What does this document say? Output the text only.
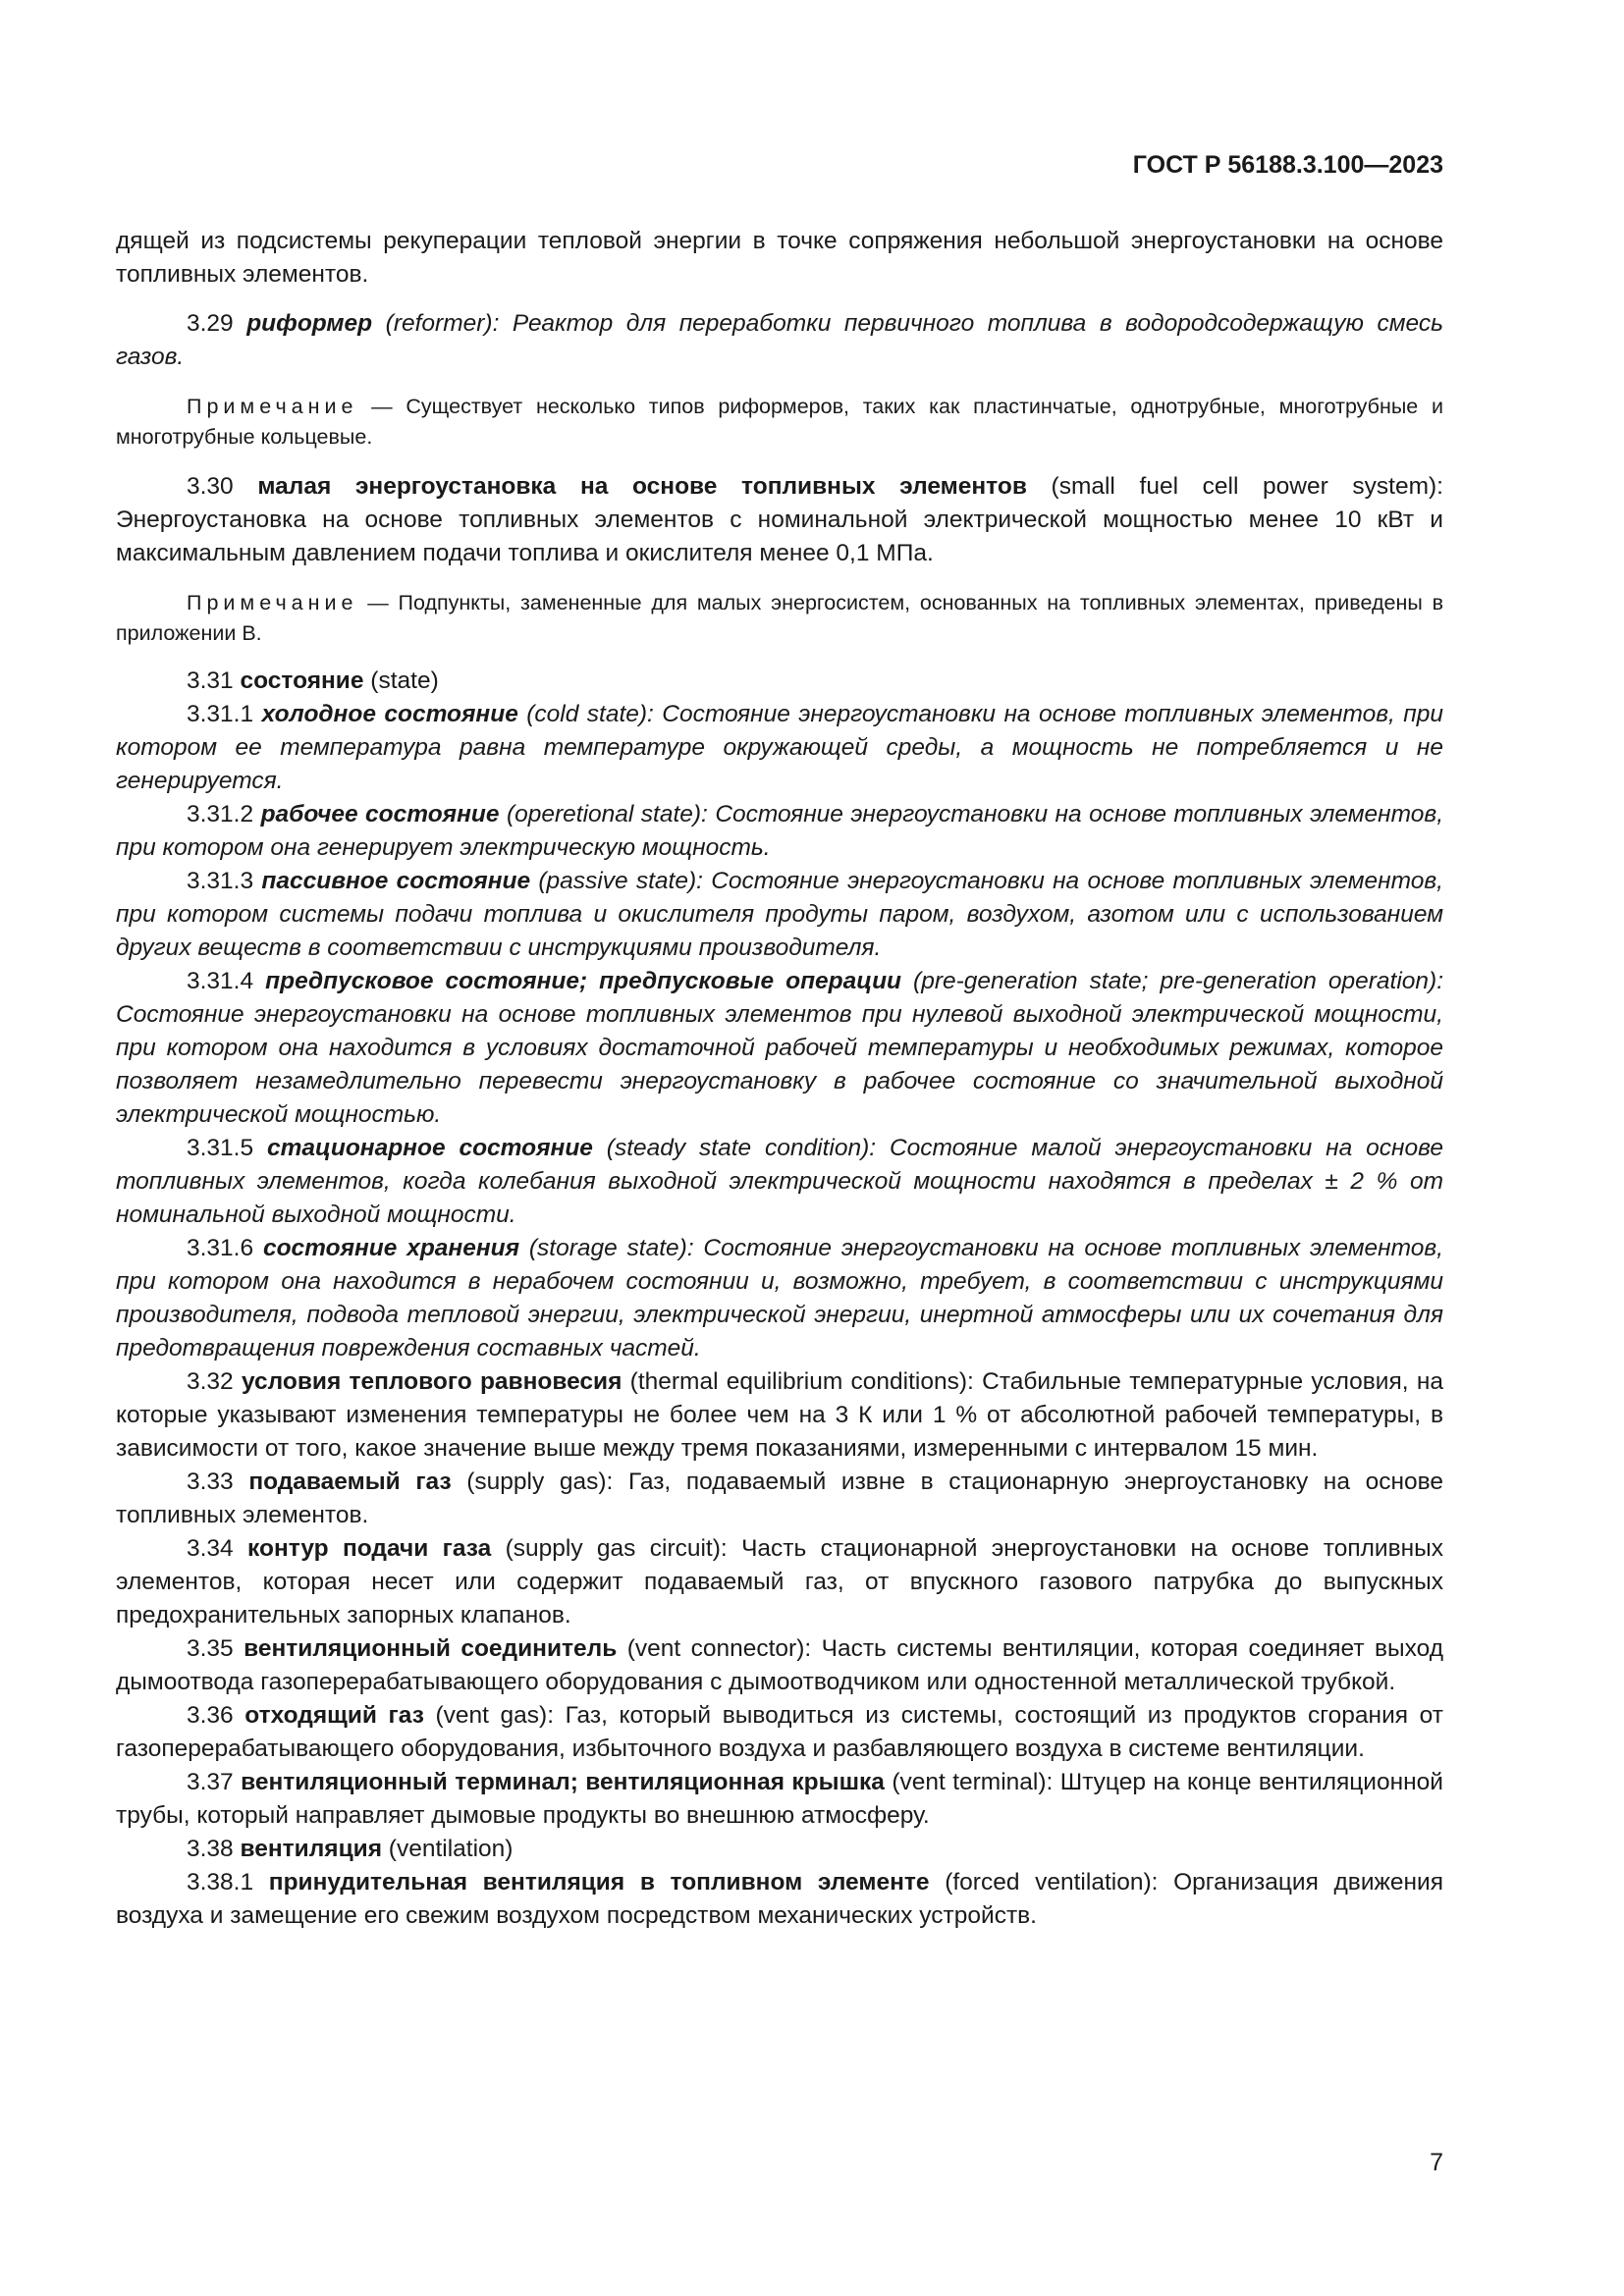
ГОСТ Р 56188.3.100—2023

дящей из подсистемы рекуперации тепловой энергии в точке сопряжения небольшой энергоустановки на основе топливных элементов.

3.29 риформер (reformer): Реактор для переработки первичного топлива в водородсодержащую смесь газов.

Примечание — Существует несколько типов риформеров, таких как пластинчатые, однотрубные, многотрубные и многотрубные кольцевые.

3.30 малая энергоустановка на основе топливных элементов (small fuel cell power system): Энергоустановка на основе топливных элементов с номинальной электрической мощностью менее 10 кВт и максимальным давлением подачи топлива и окислителя менее 0,1 МПа.

Примечание — Подпункты, замененные для малых энергосистем, основанных на топливных элементах, приведены в приложении В.

3.31 состояние (state)

3.31.1 холодное состояние (cold state): Состояние энергоустановки на основе топливных элементов, при котором ее температура равна температуре окружающей среды, а мощность не потребляется и не генерируется.

3.31.2 рабочее состояние (operetional state): Состояние энергоустановки на основе топливных элементов, при котором она генерирует электрическую мощность.

3.31.3 пассивное состояние (passive state): Состояние энергоустановки на основе топливных элементов, при котором системы подачи топлива и окислителя продуты паром, воздухом, азотом или с использованием других веществ в соответствии с инструкциями производителя.

3.31.4 предпусковое состояние; предпусковые операции (pre-generation state; pre-generation operation): Состояние энергоустановки на основе топливных элементов при нулевой выходной электрической мощности, при котором она находится в условиях достаточной рабочей температуры и необходимых режимах, которое позволяет незамедлительно перевести энергоустановку в рабочее состояние со значительной выходной электрической мощностью.

3.31.5 стационарное состояние (steady state condition): Состояние малой энергоустановки на основе топливных элементов, когда колебания выходной электрической мощности находятся в пределах ± 2 % от номинальной выходной мощности.

3.31.6 состояние хранения (storage state): Состояние энергоустановки на основе топливных элементов, при котором она находится в нерабочем состоянии и, возможно, требует, в соответствии с инструкциями производителя, подвода тепловой энергии, электрической энергии, инертной атмосферы или их сочетания для предотвращения повреждения составных частей.

3.32 условия теплового равновесия (thermal equilibrium conditions): Стабильные температурные условия, на которые указывают изменения температуры не более чем на 3 К или 1 % от абсолютной рабочей температуры, в зависимости от того, какое значение выше между тремя показаниями, измеренными с интервалом 15 мин.

3.33 подаваемый газ (supply gas): Газ, подаваемый извне в стационарную энергоустановку на основе топливных элементов.

3.34 контур подачи газа (supply gas circuit): Часть стационарной энергоустановки на основе топливных элементов, которая несет или содержит подаваемый газ, от впускного газового патрубка до выпускных предохранительных запорных клапанов.

3.35 вентиляционный соединитель (vent connector): Часть системы вентиляции, которая соединяет выход дымоотвода газоперерабатывающего оборудования с дымоотводчиком или одностенной металлической трубкой.

3.36 отходящий газ (vent gas): Газ, который выводиться из системы, состоящий из продуктов сгорания от газоперерабатывающего оборудования, избыточного воздуха и разбавляющего воздуха в системе вентиляции.

3.37 вентиляционный терминал; вентиляционная крышка (vent terminal): Штуцер на конце вентиляционной трубы, который направляет дымовые продукты во внешнюю атмосферу.

3.38 вентиляция (ventilation)

3.38.1 принудительная вентиляция в топливном элементе (forced ventilation): Организация движения воздуха и замещение его свежим воздухом посредством механических устройств.

7
